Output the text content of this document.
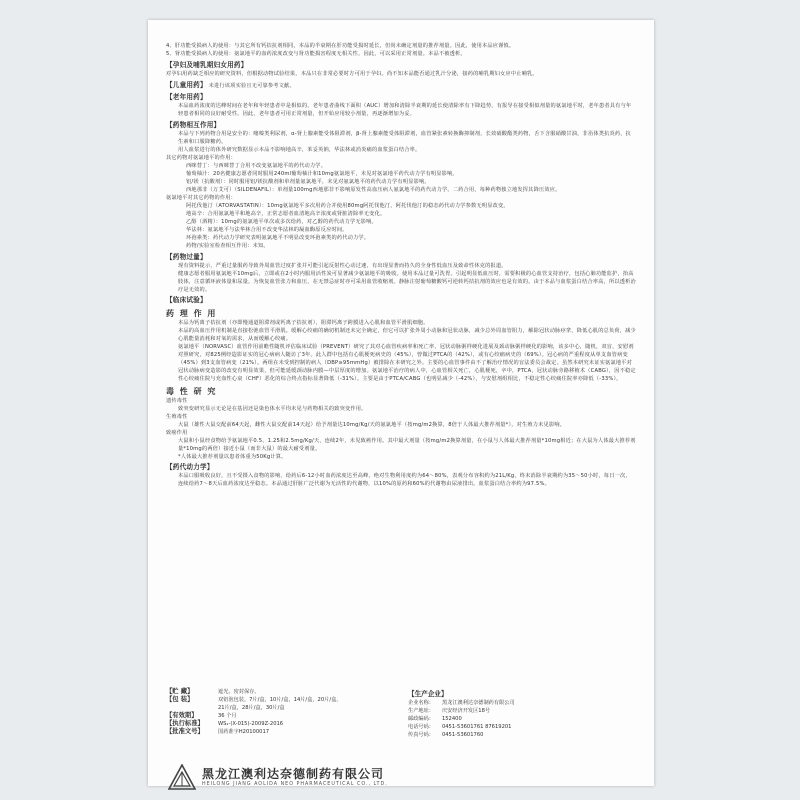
4、肝功能受损病人的使用：与其它所有钙拮抗剂相同，本品的半衰期在肝功能受损时延长，但尚未确定剂量的推荐剂量。因此，使用本品应谨慎。

5、肾功能受损病人的使用：氨氯地平的血药浓度改变与肾功能损害程度无相关性，因此，可以采用正常剂量。本品不被透析。

【孕妇及哺乳期妇女用药】

对孕妇用药缺乏相应的研究资料，但根据动物试验结果，本品只在非常必要时方可用于孕妇。尚不知本品能否通过乳汁分泌，接药的哺乳期妇女应中止哺乳。

【儿童用药】 未进行该项实验且无可靠参考文献。
【老年用药】

本品血药浓度的达峰时间在老年和年轻患者中是相似的，老年患者曲线下面积（AUC）增加和清除半衰期的延长使清除率有下降趋势，有报导在接受相似剂量的氨氯地平时，老年患者具有与年轻患者相同的良好耐受性。因此，老年患者可用正常剂量，但开始应用较小剂量，再逐渐增加为妥。

【药物相互作用】

本品与下列药物合用是安全的：噻嗪类利尿剂，α-肾上腺素能受体阻滞剂，β-肾上腺素能受体阻滞剂，血管紧张素转换酶抑制剂，长效硝酸酯类药物，舌下含服硝酸甘油，非甾体类抗炎药，抗生素和口服降糖药。

用人血浆进行的体外研究数据显示本品不影响地高辛，苯妥英钠，华法林或消炎痛的血浆蛋白结合率。

其它药物对氨氯地平的作用：

西咪替丁：与西咪替丁合用不改变氨氯地平的药代动力学。

葡萄柚汁：20名健康志愿者同时服用240ml葡萄柚汁和10mg氨氯地平，未见对氨氯地平药代动力学有明显影响。

铝/镁（抗酸剂）：同时服用铝/镁抗酸剂和单剂量氨氯地平，未见对氨氯地平的药代动力学有明显影响。

西地那非（万艾可）（SILDENAFIL）：单剂量100mg西地那非不影响原发性高血压病人氨氯地平的药代动力学。二药合用，每种药物独立地发挥其降压效应。

氨氯地平对其它药物的作用：

阿托伐他汀（ATORVASTATIN）：10mg氨氯地平多次用药合并使用80mg阿托伐他汀，阿托伐他汀的稳态药代动力学参数无明显改变。

地高辛：合用氨氯地平和地高辛，正常志愿者血清地高辛浓度或肾脏清除率无变化。

乙醇（酒精）：10mg的氨氯地平单次或多次给药，对乙醇的药代动力学无影响。

华法林：氨氯地平与法华林合用不改变华法林的凝血酶原反应时间。

环孢素类：药代动力学研究表明氨氯地平不明显改变环孢素类的药代动力学。

药物/实验室检查相互作用：未知。

【药物过量】

现有资料提示，严重过量服药导致外周血管过度扩张并可能引起反射性心动过速，有出现显著而持久的全身性低血压及致命性休克的报道。

健康志愿者服用氨氯地平10mg后，立即或在2小时内服用活性炭可显著减少氨氯地平的吸收。使用本品过量可洗胃。引起明显低血压时，需要积极的心血管支持治疗，包括心肺功能监护，抬高肢体，注意循环液体量和尿量。为恢复血管张力和血压，在无禁忌症时亦可采用血管收缩剂。静脉注射葡萄糖酸钙可逆转钙拮抗剂的效应也是有效的。由于本品与血浆蛋白结合率高，所以透析治疗是无效的。

【临床试验】
药 理 作 用

本品为钙离子拮抗剂（亦即慢通道阻滞剂或钙离子拮抗剂），阻滞钙离子跨膜进入心肌和血管平滑肌细胞。

本品的高血压作用机制是直接松弛血管平滑肌。缓解心绞痛的确切机制还未完全确定，但它可以扩张外周小动脉和冠状动脉，减少总外周血管阻力，解除冠状动脉痉挛，降低心肌的总负荷，减少心肌能量消耗和对氧的需求，从而缓解心绞痛。

氨氯地平（NORVASC）血管作用前瞻性随机评估临床试验（PREVENT）研究了其对心血管疾病率和死亡率，冠状动脉粥样硬化进展及颈动脉粥样硬化的影响，该多中心，随机，双盲，安慰剂对照研究，对825例经造影证实的冠心病病人随访了3年。此人群中包括有心肌梗死病史的（45%），曾做过PTCA的（42%），或有心绞痛病史的（69%）。冠心病的严重程度从单支血管病变（45%）到3支血管病变（21%）。两组在未受到控制的病人（DBP≥95mmHg）被排除在本研究之外。主要的心血管事件由不了解治疗情况的盲法委员会裁定。虽然本研究未证实氨氯地平对冠状动脉病变造影的改变有明显效果，但可能延缓颈动脉内膜—中层厚度的增加。氨氯地平治疗的病人中，心血管相关死亡，心肌梗死，卒中，PTCA，冠状动脉旁路移植术（CABG），因不稳定性心绞痛住院与充血性心衰（CHF）恶化的综合终点指标显著降低（-31%）。主要是由于PTCA/CABG（也明显减少（-42%），与安慰剂组相比，不稳定性心绞痛住院率亦降低（-33%）。

毒 性 研 究

遗传毒性

致突变研究显示无论是在基因还是染色体水平均未见与药物相关的致突变作用。

生殖毒性

大鼠（雄性大鼠交配前64天起，雌性大鼠交配前14天起）给予剂量达10mg/Kg/天的氨氯地平（按mg/m2换算，8倍于人体最大推荐剂量*），对生殖力未见影响。

致癌作用

大鼠和小鼠经食物给予氨氯地平0.5，1.25和2.5mg/Kg/天，连续2年，未见致癌作用。其中最大剂量（按mg/m2换算剂量，在小鼠与人体最大推荐剂量*10mg相近；在大鼠为人体最大推荐剂量*10mg的两倍）接近小鼠（而非大鼠）的最大耐受剂量。

*人体最大推荐剂量以患者体重为50Kg计算。

【药代动力学】

本品口服吸收良好，且不受摄入食物的影响，给药后6-12小时血药浓度达至高峰，绝对生物利用度约为64～80%，表观分布容积约为21L/Kg，终末消除半衰期约为35～50小时，每日一次，连续给药7～8天后血药浓度达至稳态。本品通过肝脏广泛代谢为无活性的代谢物，以10%的原药和60%的代谢物由尿液排出。血浆蛋白结合率约为97.5%。

【贮 藏】	遮光，密封保存。
【包 装】	双铝泡包装。7片/盒，10片/盒，14片/盒，20片/盒，
21片/盒，28片/盒，30片/盒
【有效期】	36 个月
【执行标准】	WS₁-(X-015)-2009Z-2016
【批准文号】	国药准字H20100017
【生产企业】
企业名称： 黑龙江澳利达奈德制药有限公司
生产地址： 庆安经济开发区18号
邮政编码： 152400
电话号码： 0451-53601761 87619201
传真号码： 0451-53601760
黑龙江澳利达奈德制药有限公司
HEILONG JIANG AOLIDA NEO PHARMACEUTICAL CO., LTD.
